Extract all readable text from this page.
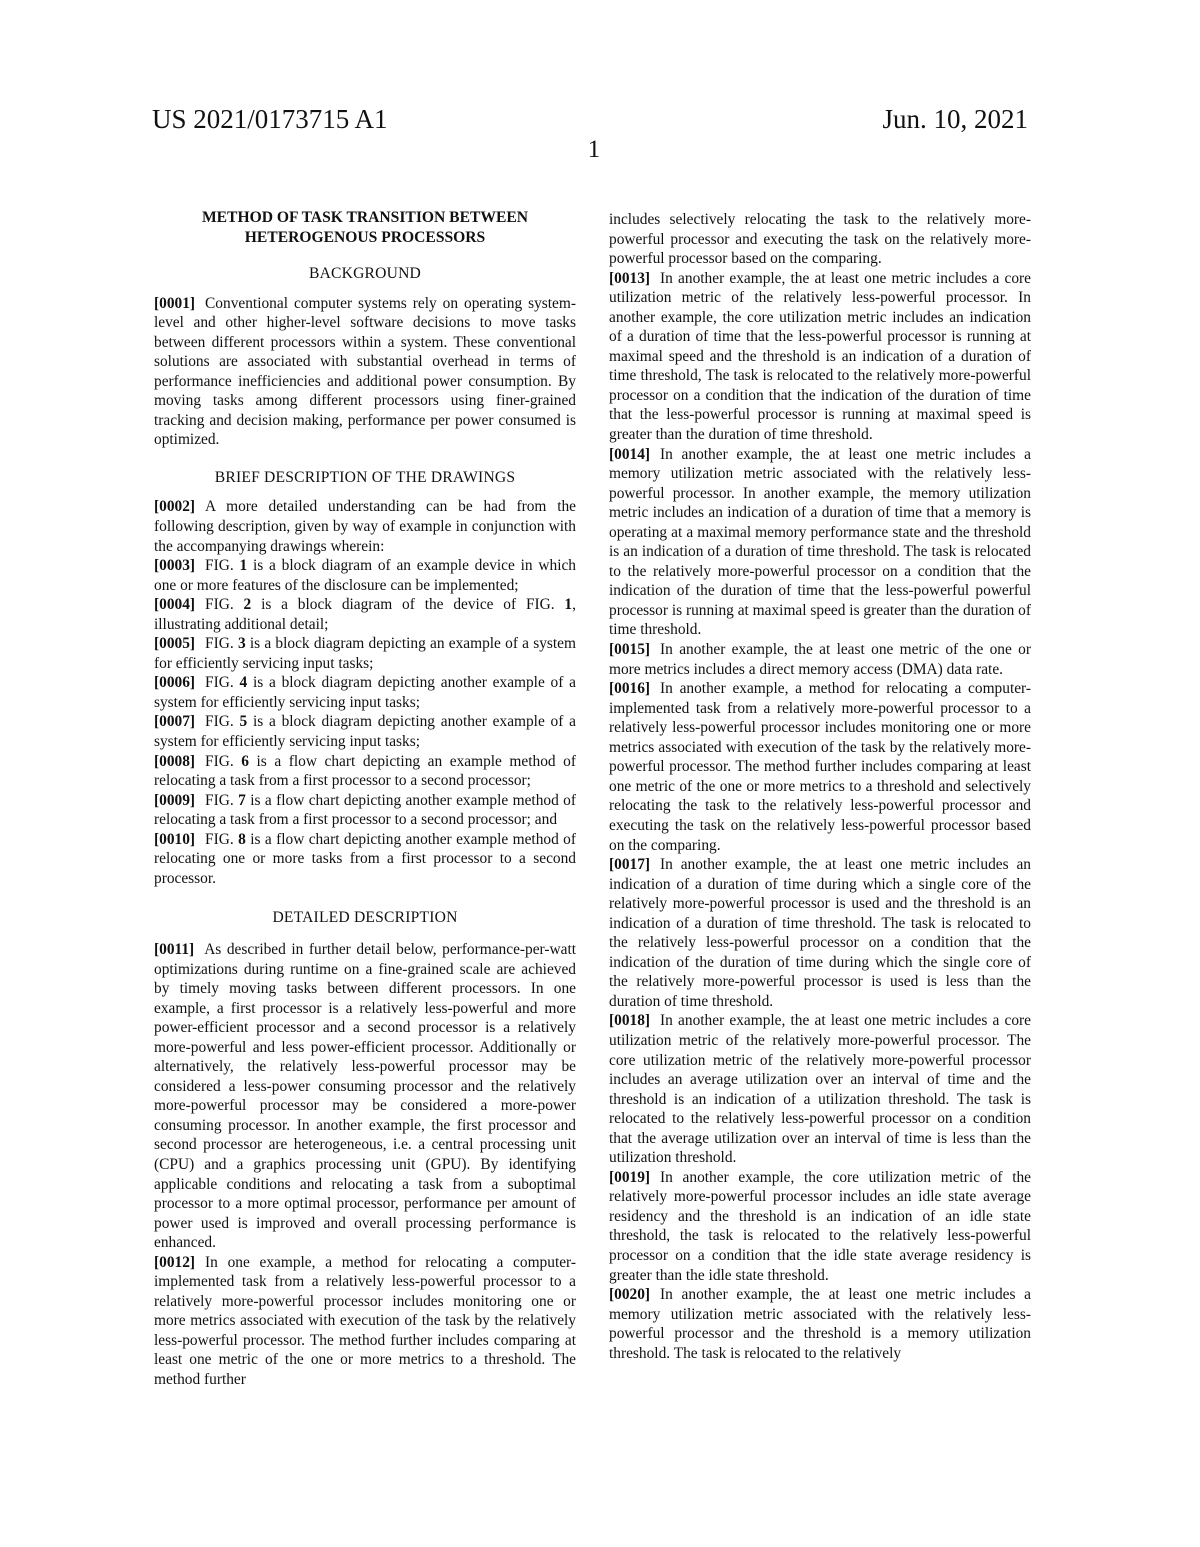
US 2021/0173715 A1	Jun. 10, 2021
1

METHOD OF TASK TRANSITION BETWEEN
HETEROGENOUS PROCESSORS

BACKGROUND

[0001] Conventional computer systems rely on operating system-level and other higher-level software decisions to move tasks between different processors within a system. These conventional solutions are associated with substantial overhead in terms of performance inefficiencies and additional power consumption. By moving tasks among different processors using finer-grained tracking and decision making, performance per power consumed is optimized.

BRIEF DESCRIPTION OF THE DRAWINGS

[0002] A more detailed understanding can be had from the following description, given by way of example in conjunction with the accompanying drawings wherein:

[0003] FIG. 1 is a block diagram of an example device in which one or more features of the disclosure can be implemented;

[0004] FIG. 2 is a block diagram of the device of FIG. 1, illustrating additional detail;

[0005] FIG. 3 is a block diagram depicting an example of a system for efficiently servicing input tasks;

[0006] FIG. 4 is a block diagram depicting another example of a system for efficiently servicing input tasks;

[0007] FIG. 5 is a block diagram depicting another example of a system for efficiently servicing input tasks;

[0008] FIG. 6 is a flow chart depicting an example method of relocating a task from a first processor to a second processor;

[0009] FIG. 7 is a flow chart depicting another example method of relocating a task from a first processor to a second processor; and

[0010] FIG. 8 is a flow chart depicting another example method of relocating one or more tasks from a first processor to a second processor.

DETAILED DESCRIPTION

[0011] As described in further detail below, performance-per-watt optimizations during runtime on a fine-grained scale are achieved by timely moving tasks between different processors. In one example, a first processor is a relatively less-powerful and more power-efficient processor and a second processor is a relatively more-powerful and less power-efficient processor. Additionally or alternatively, the relatively less-powerful processor may be considered a less-power consuming processor and the relatively more-powerful processor may be considered a more-power consuming processor. In another example, the first processor and second processor are heterogeneous, i.e. a central processing unit (CPU) and a graphics processing unit (GPU). By identifying applicable conditions and relocating a task from a suboptimal processor to a more optimal processor, performance per amount of power used is improved and overall processing performance is enhanced.

[0012] In one example, a method for relocating a computer-implemented task from a relatively less-powerful processor to a relatively more-powerful processor includes monitoring one or more metrics associated with execution of the task by the relatively less-powerful processor. The method further includes comparing at least one metric of the one or more metrics to a threshold. The method further

includes selectively relocating the task to the relatively more-powerful processor and executing the task on the relatively more-powerful processor based on the comparing.

[0013] In another example, the at least one metric includes a core utilization metric of the relatively less-powerful processor. In another example, the core utilization metric includes an indication of a duration of time that the less-powerful processor is running at maximal speed and the threshold is an indication of a duration of time threshold, The task is relocated to the relatively more-powerful processor on a condition that the indication of the duration of time that the less-powerful processor is running at maximal speed is greater than the duration of time threshold.

[0014] In another example, the at least one metric includes a memory utilization metric associated with the relatively less-powerful processor. In another example, the memory utilization metric includes an indication of a duration of time that a memory is operating at a maximal memory performance state and the threshold is an indication of a duration of time threshold. The task is relocated to the relatively more-powerful processor on a condition that the indication of the duration of time that the less-powerful powerful processor is running at maximal speed is greater than the duration of time threshold.

[0015] In another example, the at least one metric of the one or more metrics includes a direct memory access (DMA) data rate.

[0016] In another example, a method for relocating a computer-implemented task from a relatively more-powerful processor to a relatively less-powerful processor includes monitoring one or more metrics associated with execution of the task by the relatively more-powerful processor. The method further includes comparing at least one metric of the one or more metrics to a threshold and selectively relocating the task to the relatively less-powerful processor and executing the task on the relatively less-powerful processor based on the comparing.

[0017] In another example, the at least one metric includes an indication of a duration of time during which a single core of the relatively more-powerful processor is used and the threshold is an indication of a duration of time threshold. The task is relocated to the relatively less-powerful processor on a condition that the indication of the duration of time during which the single core of the relatively more-powerful processor is used is less than the duration of time threshold.

[0018] In another example, the at least one metric includes a core utilization metric of the relatively more-powerful processor. The core utilization metric of the relatively more-powerful processor includes an average utilization over an interval of time and the threshold is an indication of a utilization threshold. The task is relocated to the relatively less-powerful processor on a condition that the average utilization over an interval of time is less than the utilization threshold.

[0019] In another example, the core utilization metric of the relatively more-powerful processor includes an idle state average residency and the threshold is an indication of an idle state threshold, the task is relocated to the relatively less-powerful processor on a condition that the idle state average residency is greater than the idle state threshold.

[0020] In another example, the at least one metric includes a memory utilization metric associated with the relatively less-powerful processor and the threshold is a memory utilization threshold. The task is relocated to the relatively
